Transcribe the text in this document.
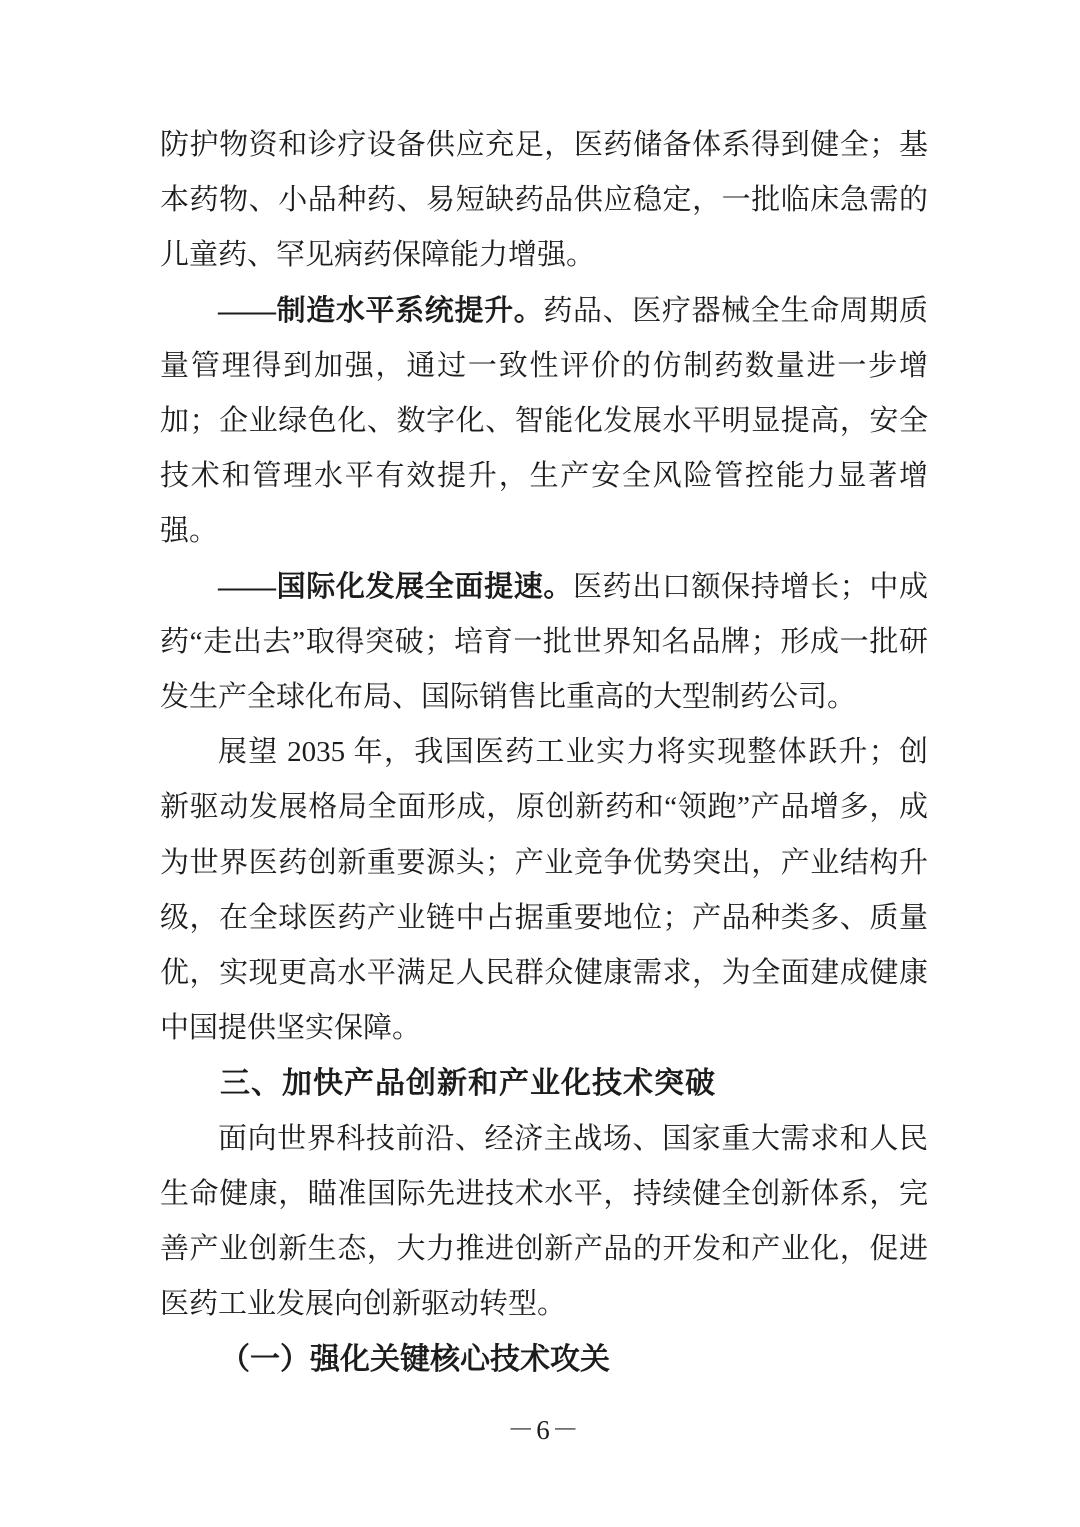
防护物资和诊疗设备供应充足，医药储备体系得到健全；基本药物、小品种药、易短缺药品供应稳定，一批临床急需的儿童药、罕见病药保障能力增强。

——制造水平系统提升。药品、医疗器械全生命周期质量管理得到加强，通过一致性评价的仿制药数量进一步增加；企业绿色化、数字化、智能化发展水平明显提高，安全技术和管理水平有效提升，生产安全风险管控能力显著增强。

——国际化发展全面提速。医药出口额保持增长；中成药“走出去”取得突破；培育一批世界知名品牌；形成一批研发生产全球化布局、国际销售比重高的大型制药公司。

展望 2035 年，我国医药工业实力将实现整体跃升；创新驱动发展格局全面形成，原创新药和“领跑”产品增多，成为世界医药创新重要源头；产业竞争优势突出，产业结构升级，在全球医药产业链中占据重要地位；产品种类多、质量优，实现更高水平满足人民群众健康需求，为全面建成健康中国提供坚实保障。

三、加快产品创新和产业化技术突破

面向世界科技前沿、经济主战场、国家重大需求和人民生命健康，瞄准国际先进技术水平，持续健全创新体系，完善产业创新生态，大力推进创新产品的开发和产业化，促进医药工业发展向创新驱动转型。

（一）强化关键核心技术攻关

－6－
